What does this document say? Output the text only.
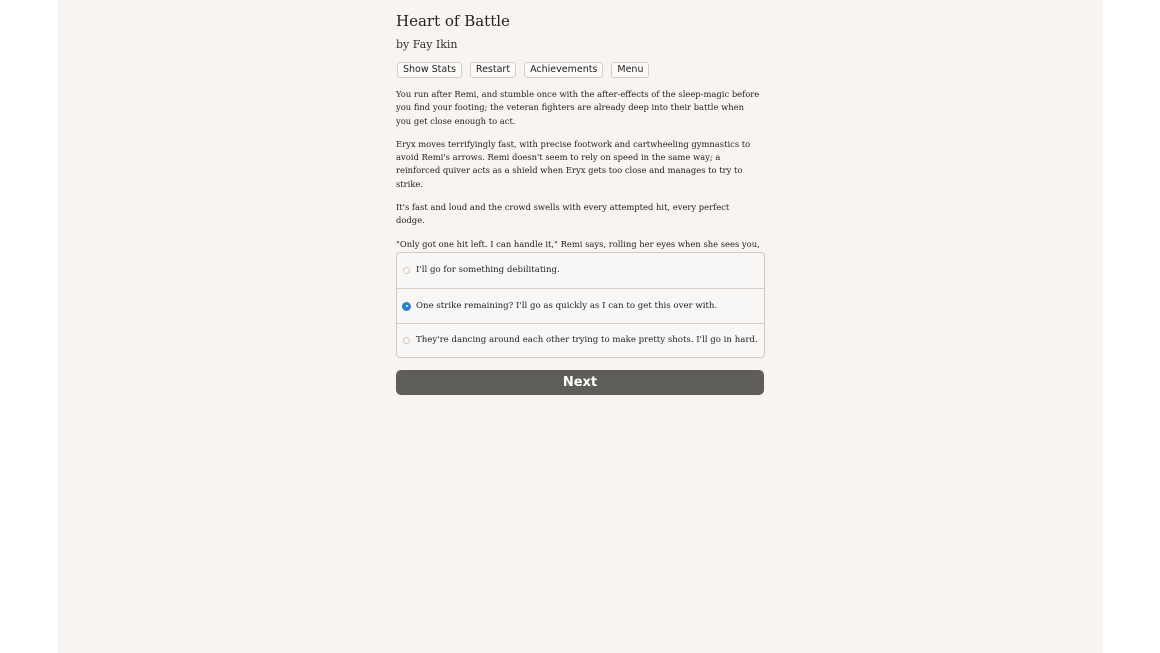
Heart of Battle
by Fay Ikin
Show Stats	Restart	Achievements	Menu

You run after Remi, and stumble once with the after-effects of the sleep-magic before you find your footing; the veteran fighters are already deep into their battle when you get close enough to act.

Eryx moves terrifyingly fast, with precise footwork and cartwheeling gymnastics to avoid Remi's arrows. Remi doesn't seem to rely on speed in the same way; a reinforced quiver acts as a shield when Eryx gets too close and manages to try to strike.

It's fast and loud and the crowd swells with every attempted hit, every perfect dodge.

"Only got one hit left. I can handle it," Remi says, rolling her eyes when she sees you,

I'll go for something debilitating.
One strike remaining? I'll go as quickly as I can to get this over with.
They're dancing around each other trying to make pretty shots. I'll go in hard.
Next
